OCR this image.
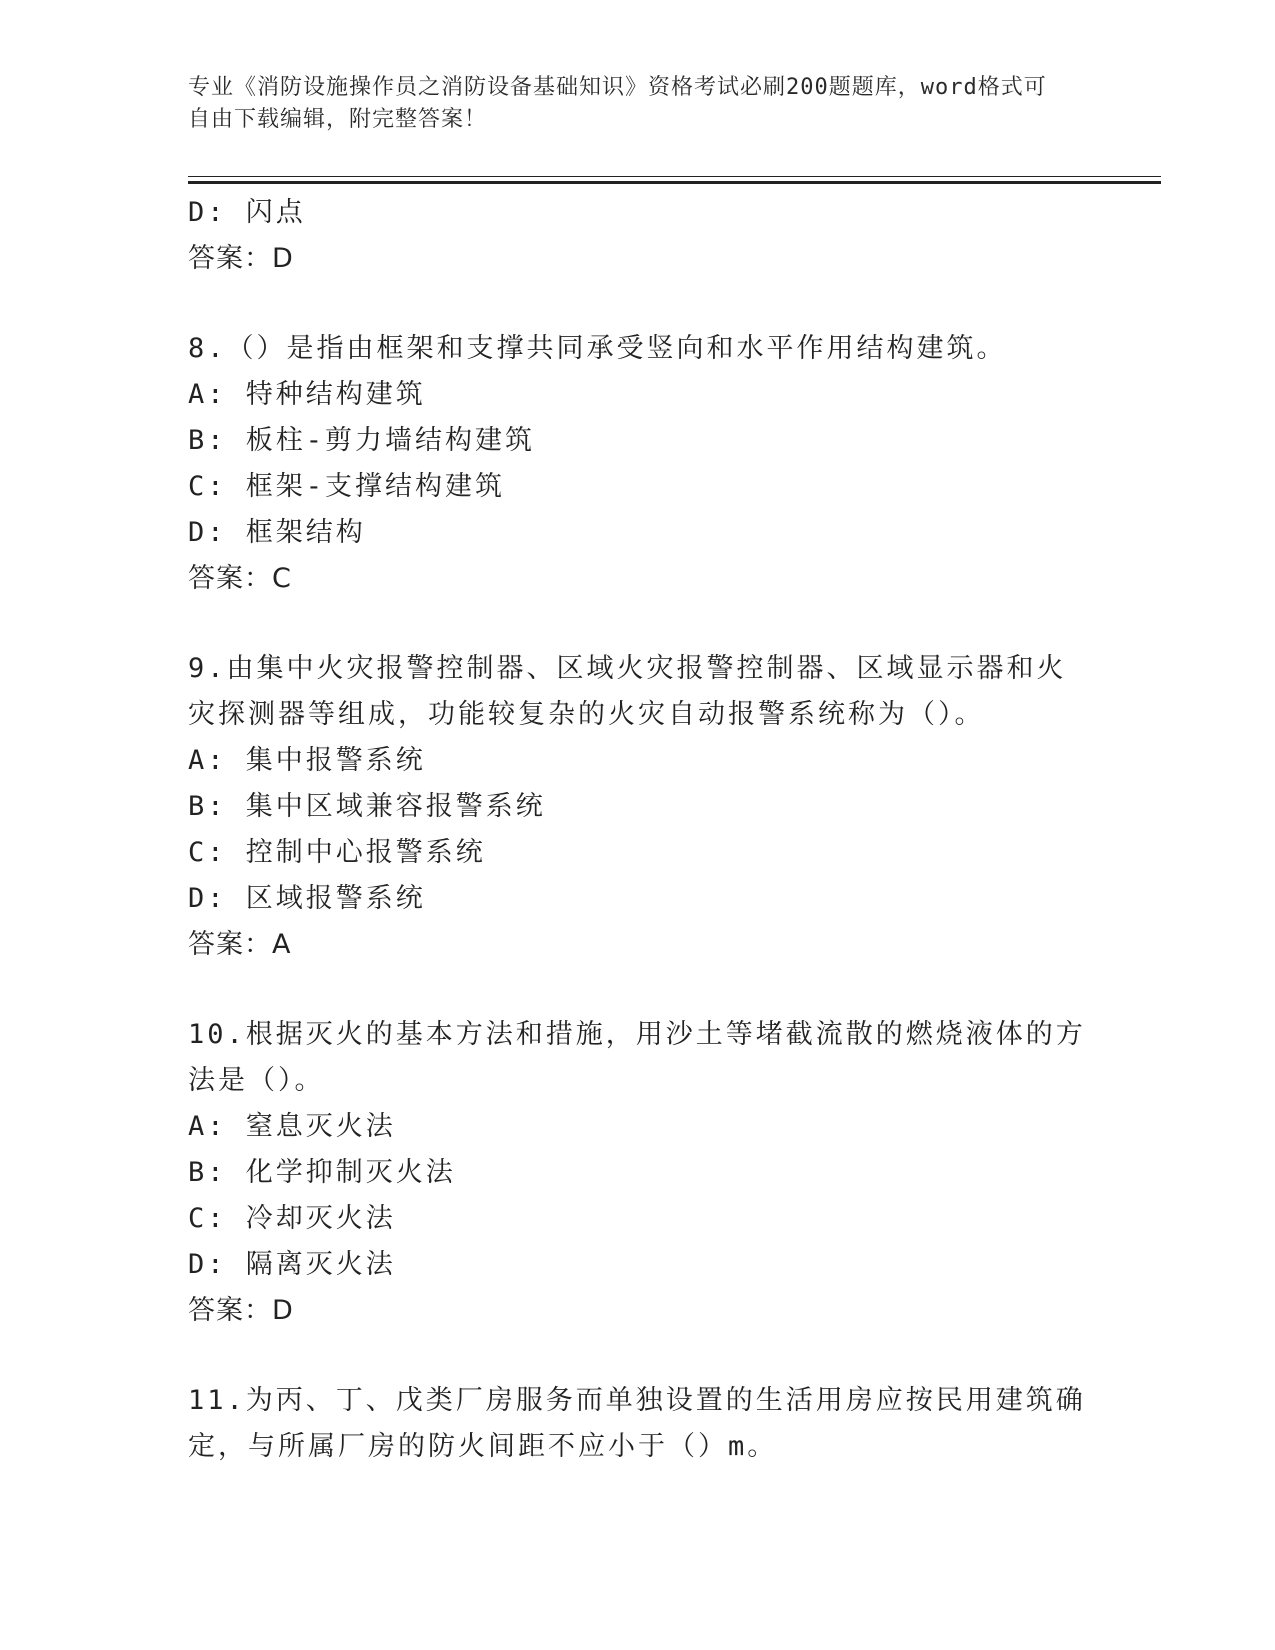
专业《消防设施操作员之消防设备基础知识》资格考试必刷200题题库，word格式可自由下载编辑，附完整答案！
D: 闪点
答案：D
8.（）是指由框架和支撑共同承受竖向和水平作用结构建筑。
A: 特种结构建筑
B: 板柱-剪力墙结构建筑
C: 框架-支撑结构建筑
D: 框架结构
答案：C
9.由集中火灾报警控制器、区域火灾报警控制器、区域显示器和火灾探测器等组成，功能较复杂的火灾自动报警系统称为（）。
A: 集中报警系统
B: 集中区域兼容报警系统
C: 控制中心报警系统
D: 区域报警系统
答案：A
10.根据灭火的基本方法和措施，用沙土等堵截流散的燃烧液体的方法是（）。
A: 窒息灭火法
B: 化学抑制灭火法
C: 冷却灭火法
D: 隔离灭火法
答案：D
11.为丙、丁、戊类厂房服务而单独设置的生活用房应按民用建筑确定，与所属厂房的防火间距不应小于（）m。
